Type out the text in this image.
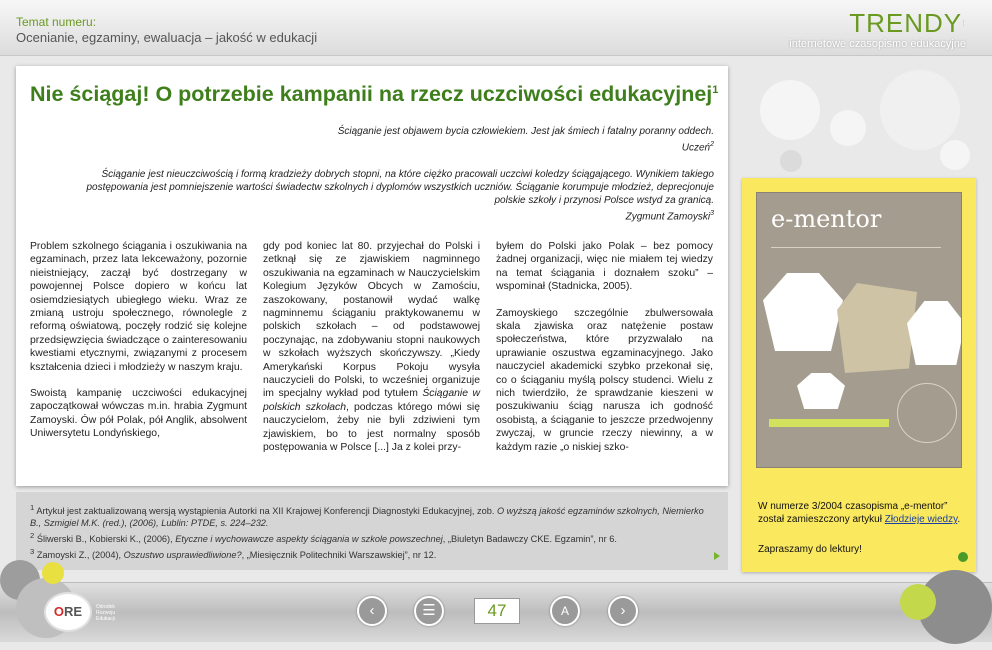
Temat numeru:
Ocenianie, egzaminy, ewaluacja – jakość w edukacji	TRENDY⁝
internetowe czasopismo edukacyjne
Nie ściągaj! O potrzebie kampanii na rzecz uczciwości edukacyjnej$^1$
Ściąganie jest objawem bycia człowiekiem. Jest jak śmiech i fatalny poranny oddech.
Uczeń$^2$
Ściąganie jest nieuczciwością i formą kradzieży dobrych stopni, na które ciężko pracowali uczciwi koledzy ściągającego. Wynikiem takiego
postępowania jest pomniejszenie wartości świadectw szkolnych i dyplomów wszystkich uczniów. Ściąganie korumpuje młodzież, deprecjonuje
polskie szkoły i przynosi Polsce wstyd za granicą.
Zygmunt Zamoyski$^3$

Problem szkolnego ściągania i oszukiwania na egzaminach, przez lata lekceważony, pozornie nieistniejący, zaczął być dostrzegany w powojennej Polsce dopiero w końcu lat osiemdziesiątych ubiegłego wieku. Wraz ze zmianą ustroju społecznego, równolegle z reformą oświatową, poczęły rodzić się kolejne przedsięwzięcia świadczące o zainteresowaniu kwestiami etycznymi, związanymi z procesem kształcenia dzieci i młodzieży w naszym kraju.

Swoistą kampanię uczciwości edukacyjnej zapoczątkował wówczas m.in. hrabia Zygmunt Zamoyski. Ów pół Polak, pół Anglik, absolwent Uniwersytetu Londyńskiego,

gdy pod koniec lat 80. przyjechał do Polski i zetknął się ze zjawiskiem nagminnego oszukiwania na egzaminach w Nauczycielskim Kolegium Języków Obcych w Zamościu, zaszokowany, postanowił wydać walkę nagminnemu ściąganiu praktykowanemu w polskich szkołach – od podstawowej poczynając, na zdobywaniu stopni naukowych w szkołach wyższych skończywszy. „Kiedy Amerykański Korpus Pokoju wysyła nauczycieli do Polski, to wcześniej organizuje im specjalny wykład pod tytułem Ściąganie w polskich szkołach, podczas którego mówi się nauczycielom, żeby nie byli zdziwieni tym zjawiskiem, bo to jest normalny sposób postępowania w Polsce [...] Ja z kolei przy-

byłem do Polski jako Polak – bez pomocy żadnej organizacji, więc nie miałem tej wiedzy na temat ściągania i doznałem szoku” – wspominał (Stadnicka, 2005).

Zamoyskiego szczególnie zbulwersowała skala zjawiska oraz natężenie postaw społeczeństwa, które przyzwalało na uprawianie oszustwa egzaminacyjnego. Jako nauczyciel akademicki szybko przekonał się, co o ściąganiu myślą polscy studenci. Wielu z nich twierdziło, że sprawdzanie kieszeni w poszukiwaniu ściąg narusza ich godność osobistą, a ściąganie to jeszcze przedwojenny zwyczaj, w gruncie rzeczy niewinny, a w każdym razie „o niskiej szko-

$^1$ Artykuł jest zaktualizowaną wersją wystąpienia Autorki na XII Krajowej Konferencji Diagnostyki Edukacyjnej, zob. O wyższą jakość egzaminów szkolnych, Niemierko B., Szmigiel M.K. (red.), (2006), Lublin: PTDE, s. 224–232.
$^2$ Śliwerski B., Kobierski K., (2006), Etyczne i wychowawcze aspekty ściągania w szkole powszechnej, „Biuletyn Badawczy CKE. Egzamin”, nr 6.
$^3$ Zamoyski Z., (2004), Oszustwo usprawiedliwione?, „Miesięcznik Politechniki Warszawskiej”, nr 12.
e-mentor
W numerze 3/2004 czasopisma „e-mentor” został zamieszczony artykuł Złodzieje wiedzy.
Zapraszamy do lektury!
ORE	Ośrodek Rozwoju Edukacji	‹	☰	47	A	›
